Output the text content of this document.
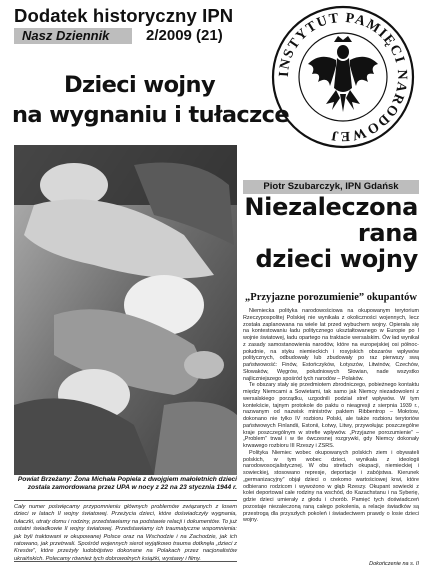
Dodatek historyczny IPN
Nasz Dziennik	2/2009 (21)
Dzieci wojny
na wygnaniu i tułaczce
INSTYTUT PAMIĘCI NARODOWEJ
Powiat Brzeżany: Żona Michała Popiela z dwojgiem małoletnich dzieci zostala zamordowana przez UPA w nocy z 22 na 23 stycznia 1944 r.
Cały numer poświęcamy przypomnieniu głównych problemów związanych z losem dzieci w latach II wojny światowej. Przeżycia dzieci, które doświadczyły wygnania, tułaczki, utraty domu i rodziny, przedstawiamy na podstawie relacji i dokumentów. To już ostatni świadkowie II wojny światowej. Przedstawiamy ich traumatyczne wspomnienia: jak byli traktowani w okupowanej Polsce oraz na Wschodzie i na Zachodzie, jak ich ratowano, jak przetrwali. Spośród wojennych sierot wyjątkowo trauma dotknęła „dzieci z Kresów”, które przeżyły ludobójstwo dokonane na Polakach przez nacjonalistów ukraińskich. Polecamy również tych dobrowolnych książki, wystawy i filmy.
Piotr Szubarczyk, IPN Gdańsk
Niezaleczona
rana
dzieci wojny
„Przyjazne porozumienie” okupantów

Niemiecka polityka narodowościowa na okupowanym terytorium Rzeczypospolitej Polskiej nie wynikała z okoliczności wojennych, lecz została zaplanowana na wiele lat przed wybuchem wojny. Opierała się na kontestowaniu ładu politycznego ukształtowanego w Europie po I wojnie światowej, ładu opartego na traktacie wersalskim. Ów ład wynikał z zasady samostanowienia narodów, które na europejskiej osi północ-południe, na styku niemieckich i rosyjskich obszarów wpływów politycznych, odbudowały lub zbudowały po raz pierwszy swą państwowość: Finów, Estończyków, Łotyszów, Litwinów, Czechów, Słowaków, Węgrów, południowych Słowian, nade wszystko najliczniejszego spośród tych narodów – Polaków.

Te obszary stały się przedmiotem zbrodniczego, pobieżnego kontaktu między Niemcami a Sowietami, tak samo jak Niemcy niezadowoleni z wersalskiego porządku, uzgodnili podział stref wpływów. W tym kontekście, tajnym protokole do paktu o nieagresji z sierpnia 1939 r., nazwanym od nazwisk ministrów paktem Ribbentrop – Mołotow, dokonano nie tylko IV rozbioru Polski, ale także rozbioru terytoriów państwowych Finlandii, Estonii, Łotwy, Litwy, przywołując poszczególne kraje poszczególnym w strefie wpływów. „Przyjazne porozumienie” – „Problem” trwał i w tle ówczesnej rozgrywki, gdy Niemcy dokonały krwawego rozbioru III Rzeszy i ZSRS.

Polityka Niemiec wobec okupowanych polskich ziem i obywateli polskich, w tym wobec dzieci, wynikała z ideologii narodowosocjalistycznej. W obu strefach okupacji, niemieckiej i sowieckiej, stosowano represje, deportacje i zabójstwa. Kierunek „germanizacyjny” objął dzieci o rzekomo wartościowej krwi, które odbierano rodzicom i wywożono w głąb Rzeszy. Okupant sowiecki z kolei deportował całe rodziny na wschód, do Kazachstanu i na Syberię, gdzie dzieci umierały z głodu i chorób. Pamięć tych doświadczeń pozostaje niezaleczoną raną całego pokolenia, a relacje świadków są przestrogą dla przyszłych pokoleń i świadectwem prawdy o losie dzieci wojny.

Dokończenie na s. II
